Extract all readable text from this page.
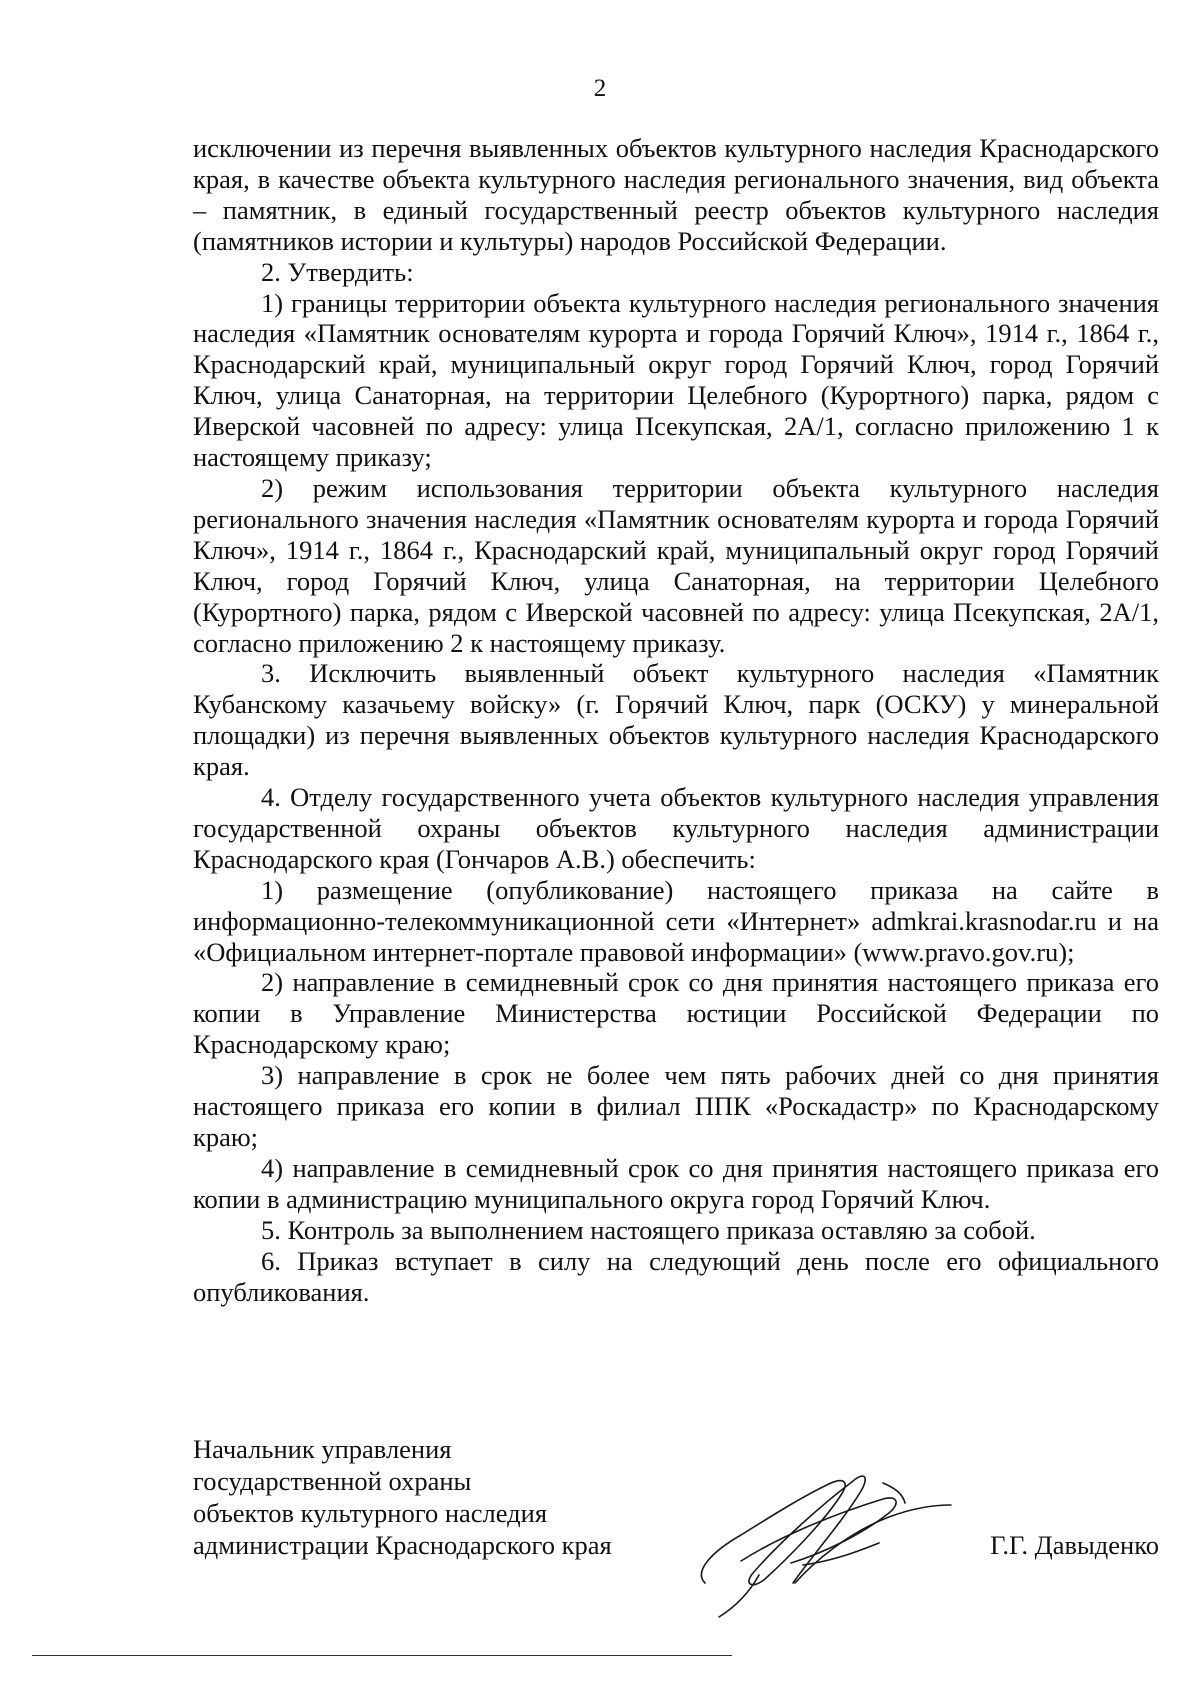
2

исключении из перечня выявленных объектов культурного наследия Краснодарского края, в качестве объекта культурного наследия регионального значения, вид объекта – памятник, в единый государственный реестр объектов культурного наследия (памятников истории и культуры) народов Российской Федерации.

2. Утвердить:

1) границы территории объекта культурного наследия регионального значения наследия «Памятник основателям курорта и города Горячий Ключ», 1914 г., 1864 г., Краснодарский край, муниципальный округ город Горячий Ключ, город Горячий Ключ, улица Санаторная, на территории Целебного (Курортного) парка, рядом с Иверской часовней по адресу: улица Псекупская, 2А/1, согласно приложению 1 к настоящему приказу;

2) режим использования территории объекта культурного наследия регионального значения наследия «Памятник основателям курорта и города Горячий Ключ», 1914 г., 1864 г., Краснодарский край, муниципальный округ город Горячий Ключ, город Горячий Ключ, улица Санаторная, на территории Целебного (Курортного) парка, рядом с Иверской часовней по адресу: улица Псекупская, 2А/1, согласно приложению 2 к настоящему приказу.

3. Исключить выявленный объект культурного наследия «Памятник Кубанскому казачьему войску» (г. Горячий Ключ, парк (ОСКУ) у минеральной площадки) из перечня выявленных объектов культурного наследия Краснодарского края.

4. Отделу государственного учета объектов культурного наследия управления государственной охраны объектов культурного наследия администрации Краснодарского края (Гончаров А.В.) обеспечить:

1) размещение (опубликование) настоящего приказа на сайте в информационно-телекоммуникационной сети «Интернет» admkrai.krasnodar.ru и на «Официальном интернет-портале правовой информации» (www.pravo.gov.ru);

2) направление в семидневный срок со дня принятия настоящего приказа его копии в Управление Министерства юстиции Российской Федерации по Краснодарскому краю;

3) направление в срок не более чем пять рабочих дней со дня принятия настоящего приказа его копии в филиал ППК «Роскадастр» по Краснодарскому краю;

4) направление в семидневный срок со дня принятия настоящего приказа его копии в администрацию муниципального округа город Горячий Ключ.

5. Контроль за выполнением настоящего приказа оставляю за собой.

6. Приказ вступает в силу на следующий день после его официального опубликования.

Начальник управления
государственной охраны
объектов культурного наследия
администрации Краснодарского края	Г.Г. Давыденко
